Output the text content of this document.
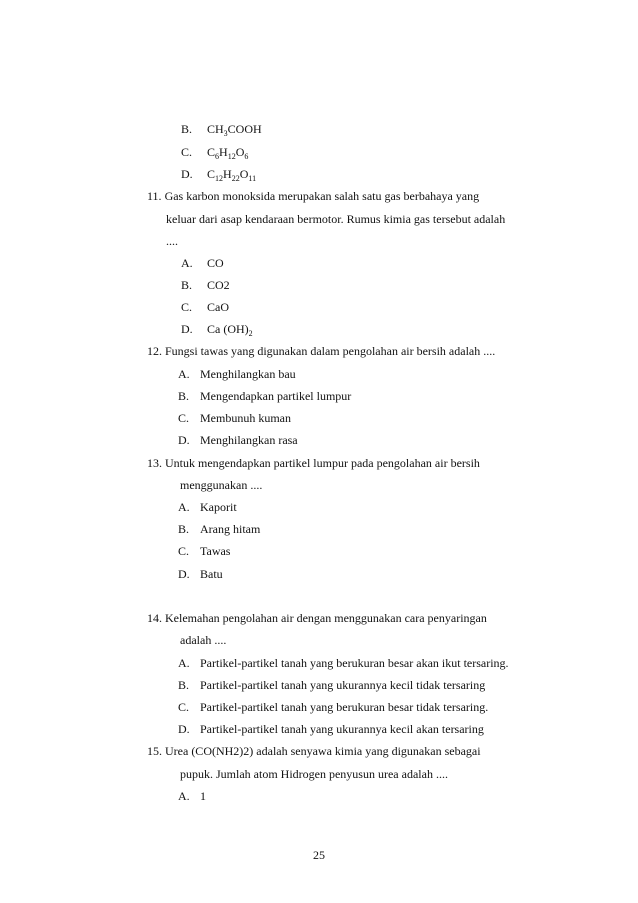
B. $CH_3COOH$
C. $C_6H_{12}O_6$
D. $C_{12}H_{22}O_{11}$
11. Gas karbon monoksida merupakan salah satu gas berbahaya yang
keluar dari asap kendaraan bermotor. Rumus kimia gas tersebut adalah
....
A. CO
B. CO2
C. CaO
D. Ca $(OH)_2$
12. Fungsi tawas yang digunakan dalam pengolahan air bersih adalah ....
A. Menghilangkan bau
B. Mengendapkan partikel lumpur
C. Membunuh kuman
D. Menghilangkan rasa
13. Untuk mengendapkan partikel lumpur pada pengolahan air bersih
menggunakan ....
A. Kaporit
B. Arang hitam
C. Tawas
D. Batu
14. Kelemahan pengolahan air dengan menggunakan cara penyaringan
adalah ....
A. Partikel-partikel tanah yang berukuran besar akan ikut tersaring.
B. Partikel-partikel tanah yang ukurannya kecil tidak tersaring
C. Partikel-partikel tanah yang berukuran besar tidak tersaring.
D. Partikel-partikel tanah yang ukurannya kecil akan tersaring
15. Urea (CO(NH2)2) adalah senyawa kimia yang digunakan sebagai
pupuk. Jumlah atom Hidrogen penyusun urea adalah ....
A. 1
25
